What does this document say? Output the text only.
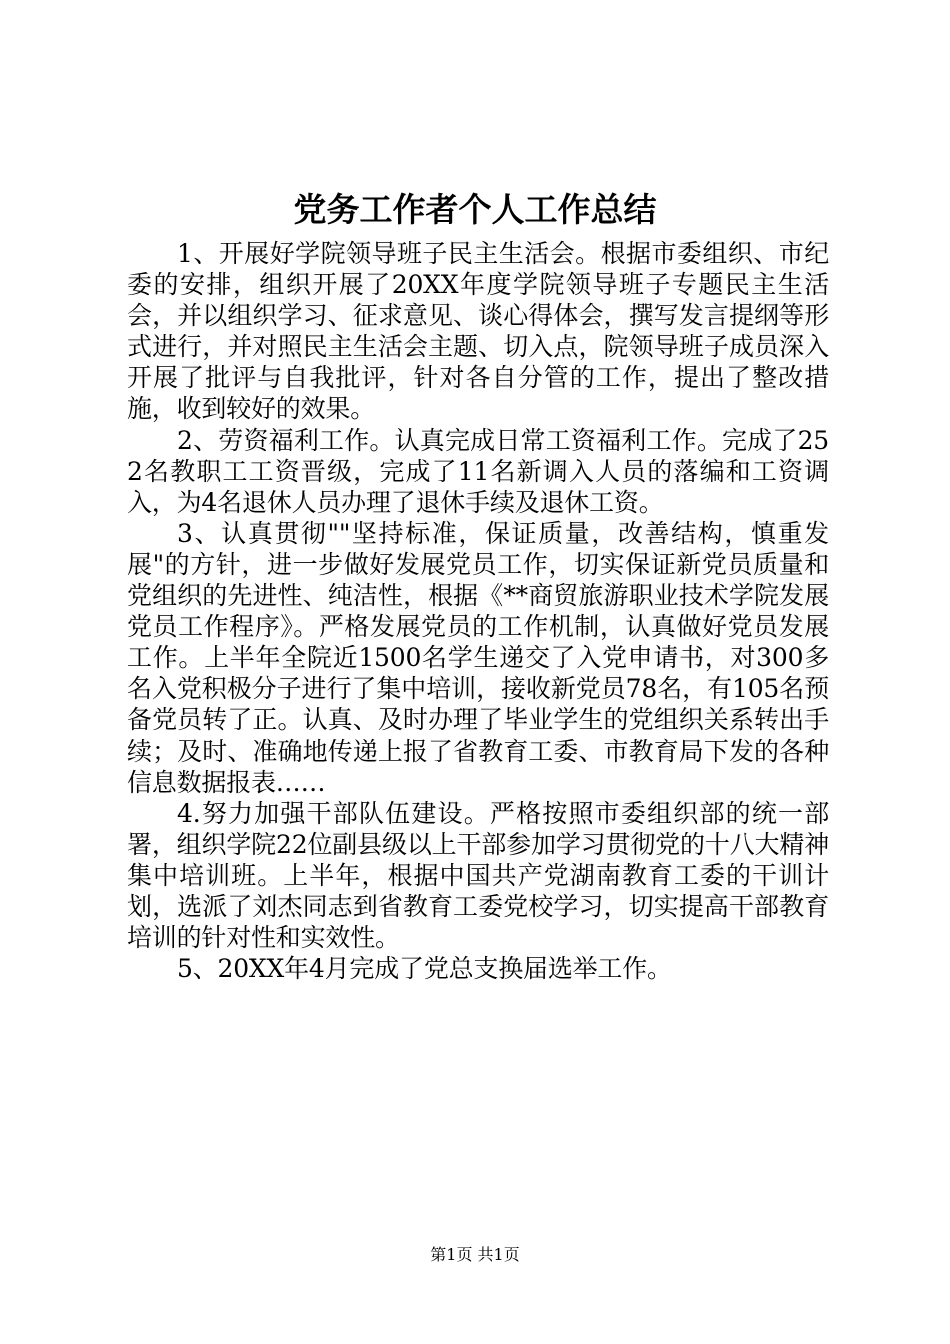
党务工作者个人工作总结

1、开展好学院领导班子民主生活会。根据市委组织、市纪委的安排，组织开展了20XX年度学院领导班子专题民主生活会，并以组织学习、征求意见、谈心得体会，撰写发言提纲等形式进行，并对照民主生活会主题、切入点，院领导班子成员深入开展了批评与自我批评，针对各自分管的工作，提出了整改措施，收到较好的效果。

2、劳资福利工作。认真完成日常工资福利工作。完成了252名教职工工资晋级，完成了11名新调入人员的落编和工资调入，为4名退休人员办理了退休手续及退休工资。

3、认真贯彻""坚持标准，保证质量，改善结构，慎重发展"的方针，进一步做好发展党员工作，切实保证新党员质量和党组织的先进性、纯洁性，根据《**商贸旅游职业技术学院发展党员工作程序》。严格发展党员的工作机制，认真做好党员发展工作。上半年全院近1500名学生递交了入党申请书，对300多名入党积极分子进行了集中培训，接收新党员78名，有105名预备党员转了正。认真、及时办理了毕业学生的党组织关系转出手续；及时、准确地传递上报了省教育工委、市教育局下发的各种信息数据报表……

4.努力加强干部队伍建设。严格按照市委组织部的统一部署，组织学院22位副县级以上干部参加学习贯彻党的十八大精神集中培训班。上半年，根据中国共产党湖南教育工委的干训计划，选派了刘杰同志到省教育工委党校学习，切实提高干部教育培训的针对性和实效性。

5、20XX年4月完成了党总支换届选举工作。

第1页 共1页
